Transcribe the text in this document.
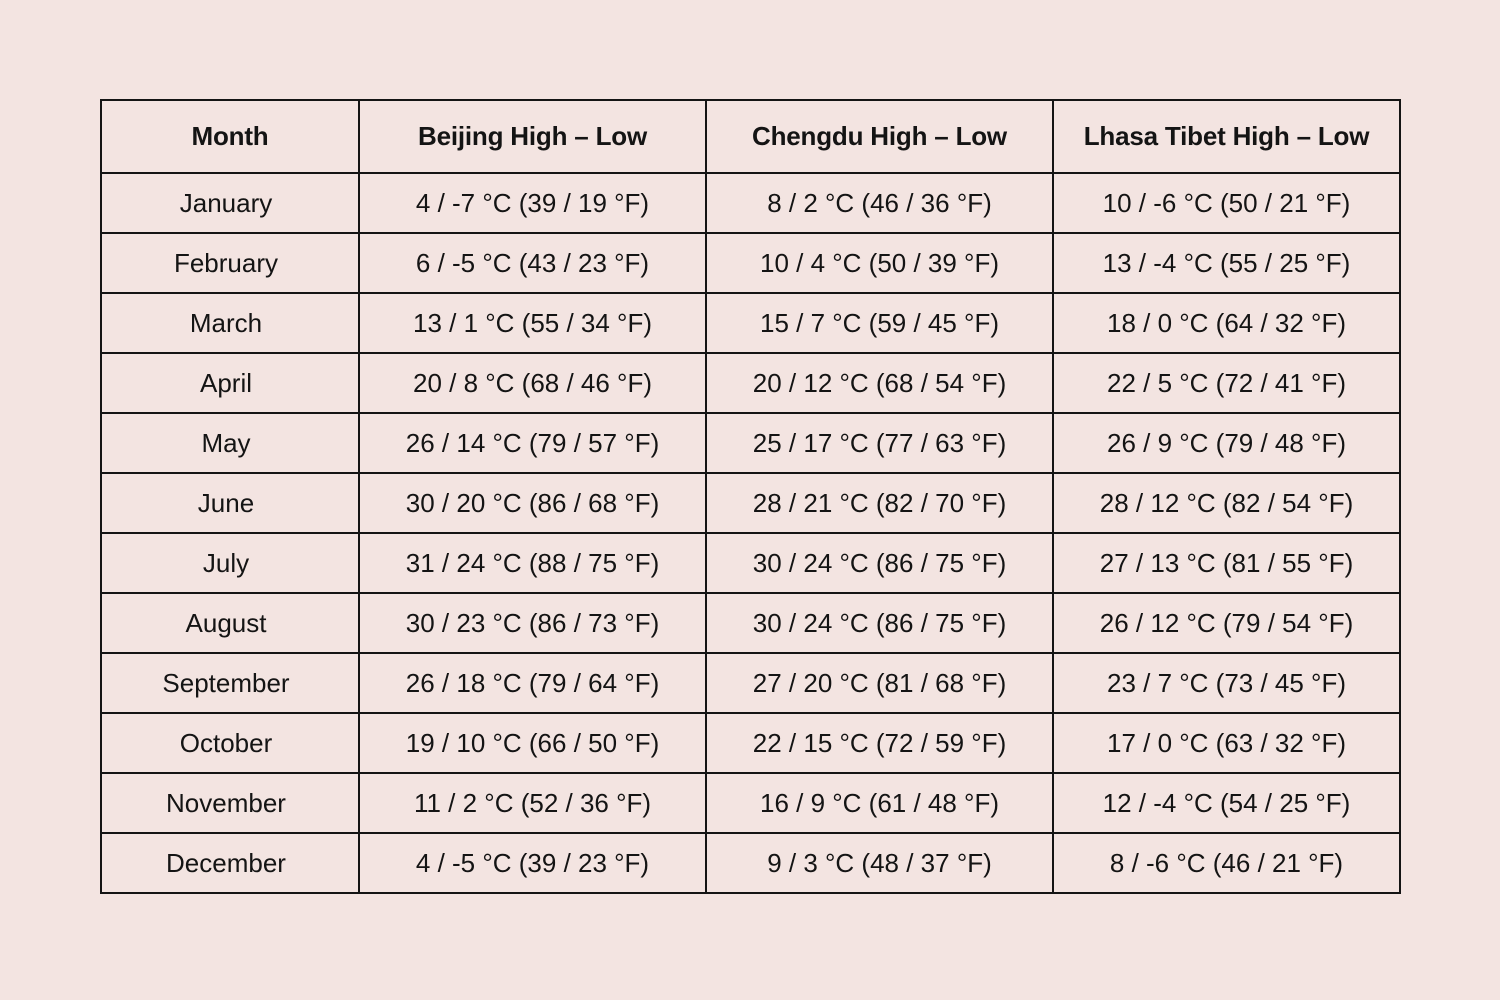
Month	Beijing High – Low	Chengdu High – Low	Lhasa Tibet High – Low
January	4 / -7 °C (39 / 19 °F)	8 / 2 °C (46 / 36 °F)	10 / -6 °C (50 / 21 °F)
February	6 / -5 °C (43 / 23 °F)	10 / 4 °C (50 / 39 °F)	13 / -4 °C (55 / 25 °F)
March	13 / 1 °C (55 / 34 °F)	15 / 7 °C (59 / 45 °F)	18 / 0 °C (64 / 32 °F)
April	20 / 8 °C (68 / 46 °F)	20 / 12 °C (68 / 54 °F)	22 / 5 °C (72 / 41 °F)
May	26 / 14 °C (79 / 57 °F)	25 / 17 °C (77 / 63 °F)	26 / 9 °C (79 / 48 °F)
June	30 / 20 °C (86 / 68 °F)	28 / 21 °C (82 / 70 °F)	28 / 12 °C (82 / 54 °F)
July	31 / 24 °C (88 / 75 °F)	30 / 24 °C (86 / 75 °F)	27 / 13 °C (81 / 55 °F)
August	30 / 23 °C (86 / 73 °F)	30 / 24 °C (86 / 75 °F)	26 / 12 °C (79 / 54 °F)
September	26 / 18 °C (79 / 64 °F)	27 / 20 °C (81 / 68 °F)	23 / 7 °C (73 / 45 °F)
October	19 / 10 °C (66 / 50 °F)	22 / 15 °C (72 / 59 °F)	17 / 0 °C (63 / 32 °F)
November	11 / 2 °C (52 / 36 °F)	16 / 9 °C (61 / 48 °F)	12 / -4 °C (54 / 25 °F)
December	4 / -5 °C (39 / 23 °F)	9 / 3 °C (48 / 37 °F)	8 / -6 °C (46 / 21 °F)
